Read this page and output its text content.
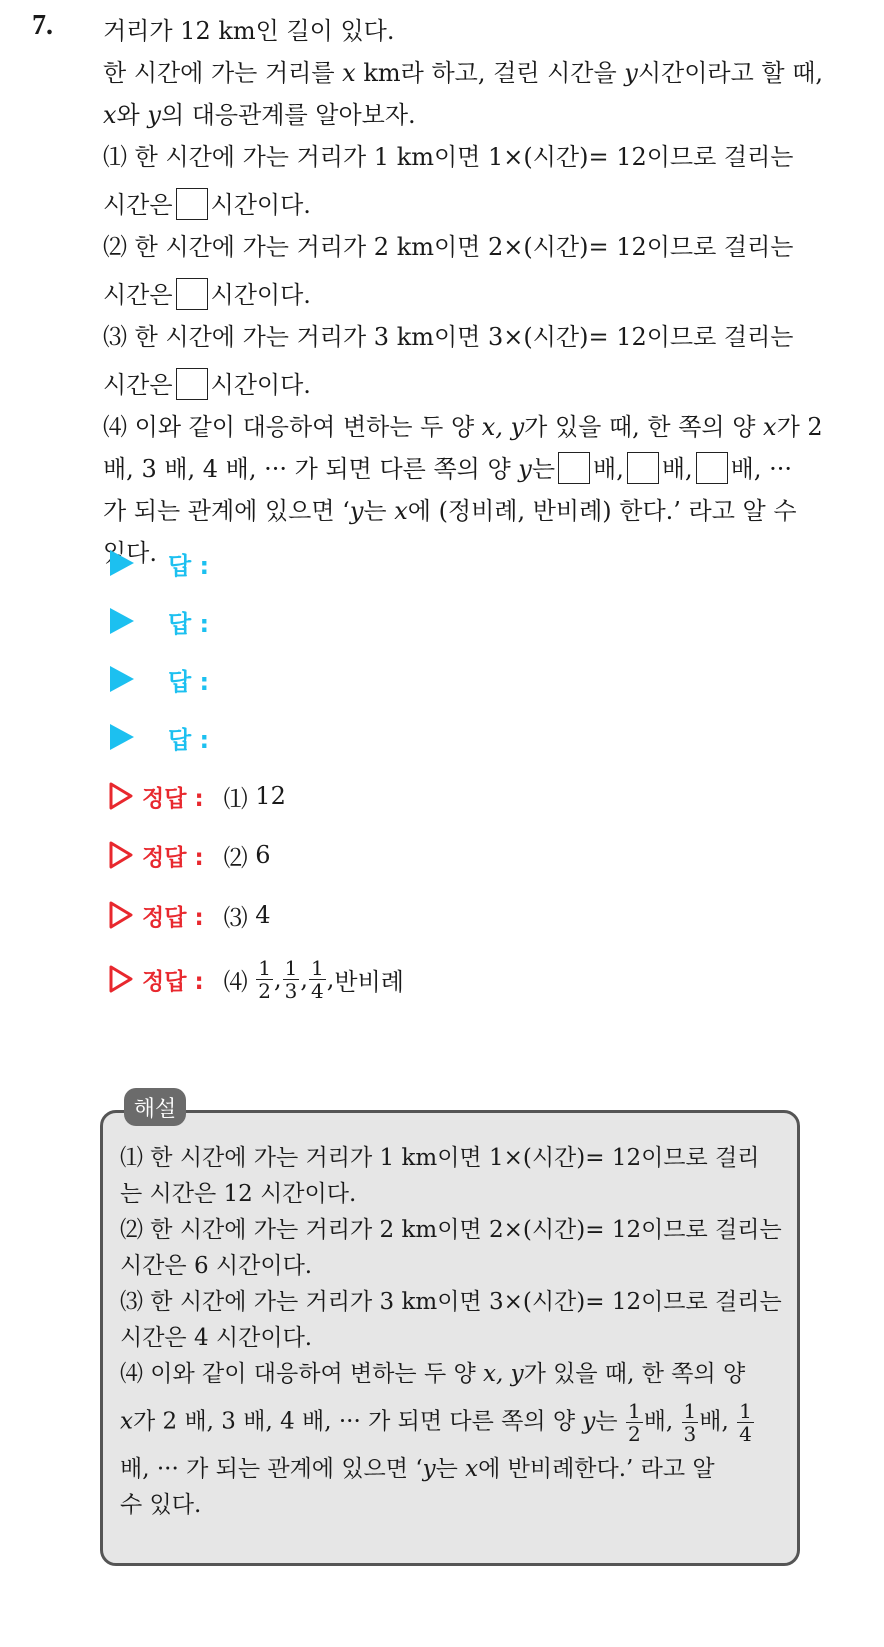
7. 거리가 12 km인 길이 있다.

한 시간에 가는 거리를 x km라 하고, 걸린 시간을 y시간이라고 할 때,

x와 y의 대응관계를 알아보자.

⑴ 한 시간에 가는 거리가 1 km이면 1×(시간)= 12이므로 걸리는

시간은 시간이다.

⑵ 한 시간에 가는 거리가 2 km이면 2×(시간)= 12이므로 걸리는

시간은 시간이다.

⑶ 한 시간에 가는 거리가 3 km이면 3×(시간)= 12이므로 걸리는

시간은 시간이다.

⑷ 이와 같이 대응하여 변하는 두 양 x, y가 있을 때, 한 쪽의 양 x가 2

배, 3 배, 4 배, ··· 가 되면 다른 쪽의 양 y는 배, 배, 배, ···

가 되는 관계에 있으면 ‘y는 x에 (정비례, 반비례) 한다.’ 라고 알 수

있다. 답 :
답 :
답 :
답 :
정답 : ⑴
12
정답 : ⑵
6
정답 : ⑶
4
정답 : ⑷
$\frac{1}{2}$ , $\frac{1}{3}$ , $\frac{1}{4}$ , 반비례
해설

⑴ 한 시간에 가는 거리가 1 km이면 1×(시간)= 12이므로 걸리

는 시간은 12 시간이다.

⑵ 한 시간에 가는 거리가 2 km이면 2×(시간)= 12이므로 걸리는

시간은 6 시간이다.

⑶ 한 시간에 가는 거리가 3 km이면 3×(시간)= 12이므로 걸리는

시간은 4 시간이다.

⑷ 이와 같이 대응하여 변하는 두 양 x, y가 있을 때, 한 쪽의 양

x가 2 배, 3 배, 4 배, ··· 가 되면 다른 쪽의 양 y는 $\frac{1}{2}$ 배, $\frac{1}{3}$ 배, $\frac{1}{4}$

배, ··· 가 되는 관계에 있으면 ‘y는 x에 반비례한다.’ 라고 알

수 있다.
